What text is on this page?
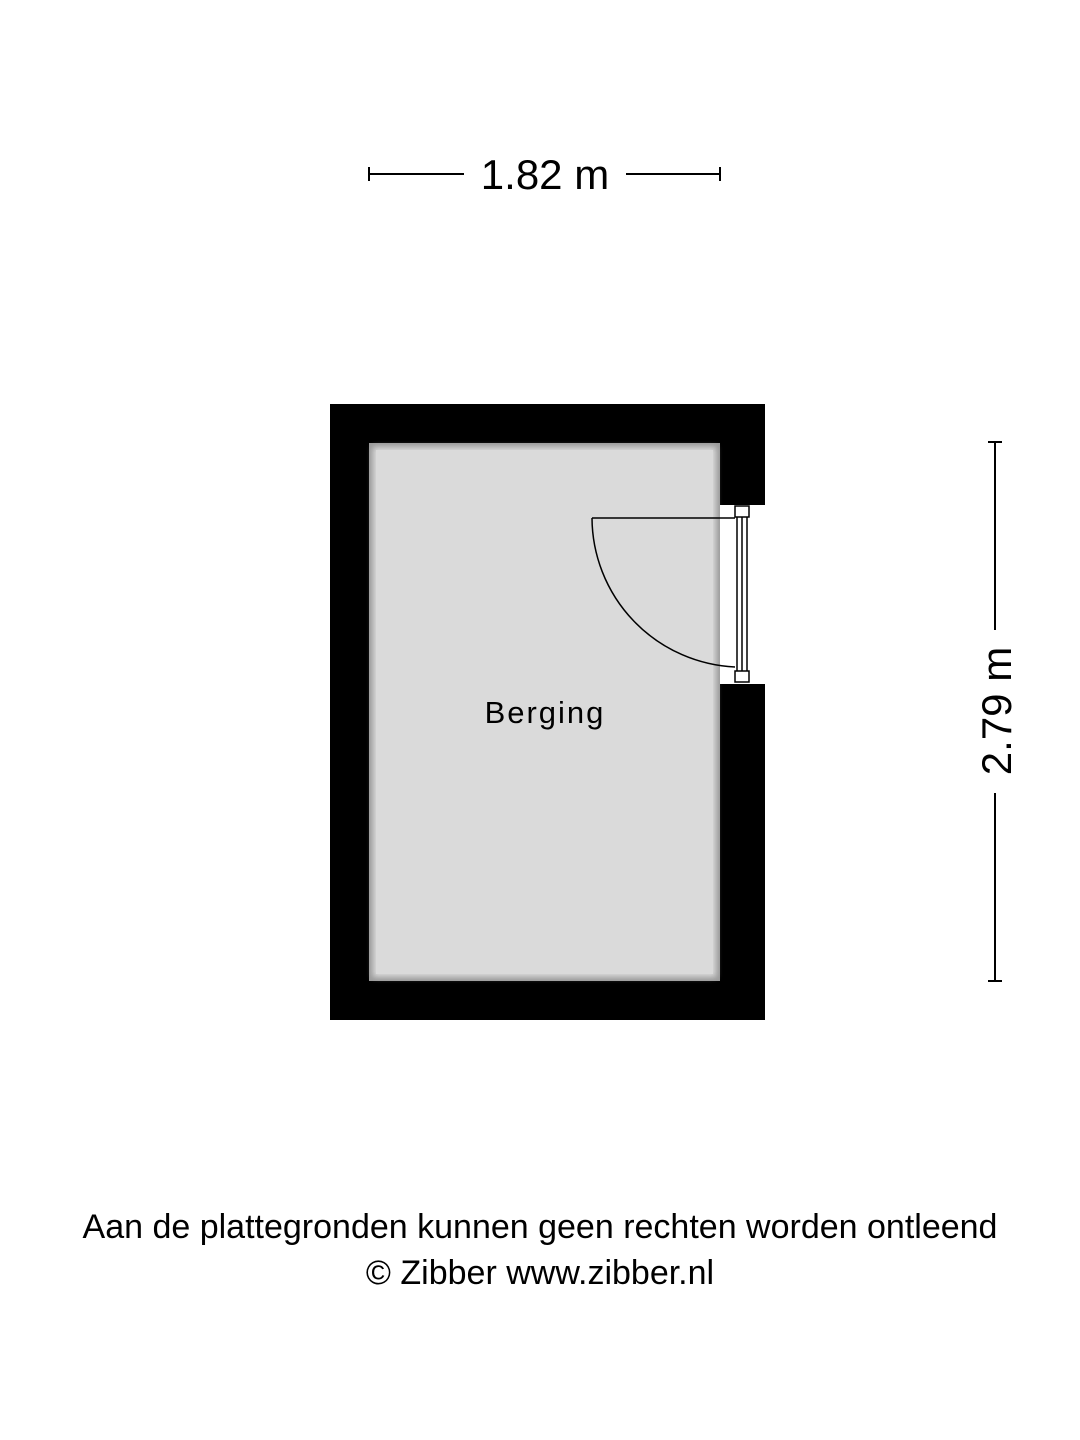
1.82 m
2.79 m
Berging
Aan de plattegronden kunnen geen rechten worden ontleend
© Zibber www.zibber.nl
